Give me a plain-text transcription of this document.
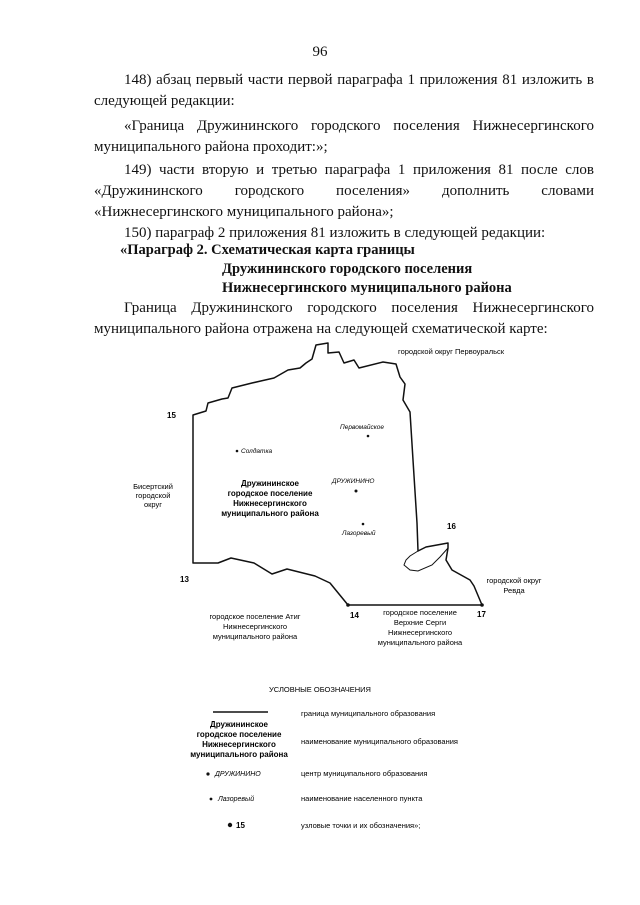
96
148) абзац первый части первой параграфа 1 приложения 81 изложить в следующей редакции:
«Граница Дружининского городского поселения Нижнесергинского муниципального района проходит:»;
149) части вторую и третью параграфа 1 приложения 81 после слов «Дружининского городского поселения» дополнить словами «Нижнесергинского муниципального района»;
150) параграф 2 приложения 81 изложить в следующей редакции:
«Параграф 2. Схематическая карта границы
Дружининского городского поселения
Нижнесергинского муниципального района
Граница Дружининского городского поселения Нижнесергинского муниципального района отражена на следующей схематической карте:
городской округ Первоуральск
Бисертский
городской
округ
городской округ
Ревда
городское поселение Атиг
Нижнесергинского
муниципального района
городское поселение
Верхние Серги
Нижнесергинского
муниципального района
Дружининское
городское поселение
Нижнесергинского
муниципального района
Солдатка
Первомайское
ДРУЖИНИНО
Лазоревый
15
16
13
14	17
УСЛОВНЫЕ ОБОЗНАЧЕНИЯ
граница муниципального образования
Дружининское
городское поселение
Нижнесергинского
муниципального района
наименование муниципального образования
ДРУЖИНИНО	центр муниципального образования
Лазоревый	наименование населенного пункта
15	узловые точки и их обозначения»;
